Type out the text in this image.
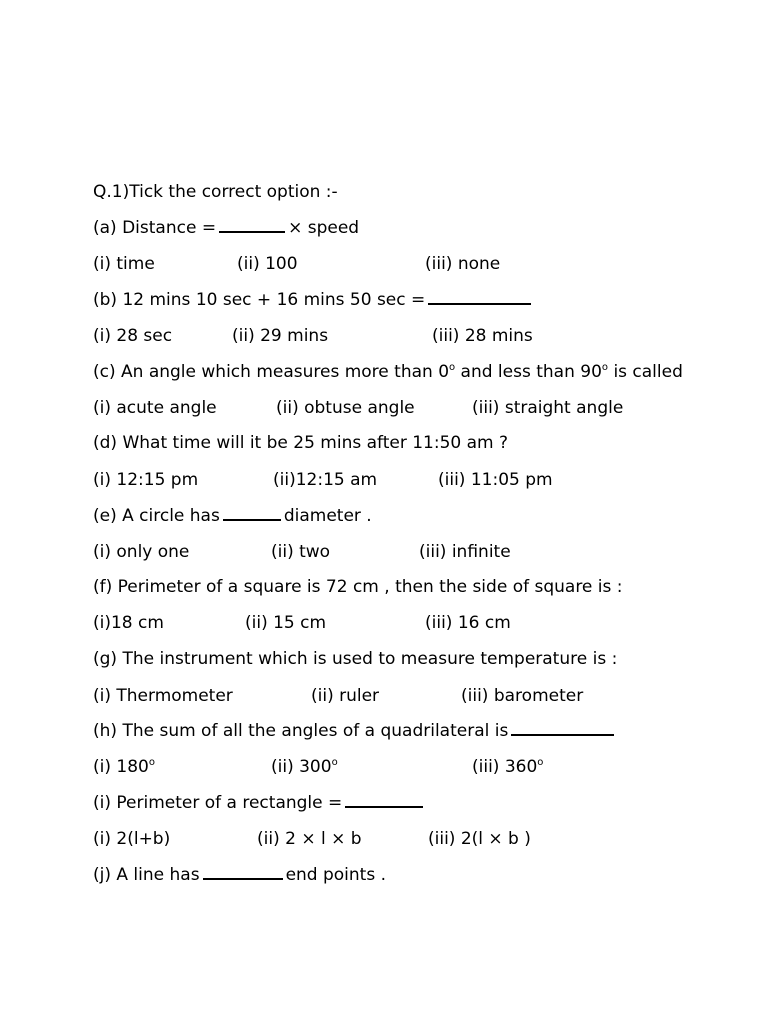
Q.1)Tick the correct option :-
(a) Distance =	× speed
(i) time	(ii) 100	(iii) none
(b) 12 mins 10 sec + 16 mins 50 sec =
(i) 28 sec	(ii) 29 mins	(iii) 28 mins
(c) An angle which measures more than 0$^o$ and less than 90$^o$ is called
(i) acute angle	(ii) obtuse angle	(iii) straight angle
(d) What time will it be 25 mins after 11:50 am ?
(i) 12:15 pm	(ii)12:15 am	(iii) 11:05 pm
(e) A circle has	diameter .
(i) only one	(ii) two	(iii) infinite
(f) Perimeter of a square is 72 cm , then the side of square is :
(i)18 cm	(ii) 15 cm	(iii) 16 cm
(g) The instrument which is used to measure temperature is :
(i) Thermometer	(ii) ruler	(iii) barometer
(h) The sum of all the angles of a quadrilateral is
(i) 180$^o$	(ii) 300$^o$	(iii) 360$^o$
(i) Perimeter of a rectangle =
(i) 2(l+b)	(ii) 2 × l × b	(iii) 2(l × b )
(j) A line has	end points .
